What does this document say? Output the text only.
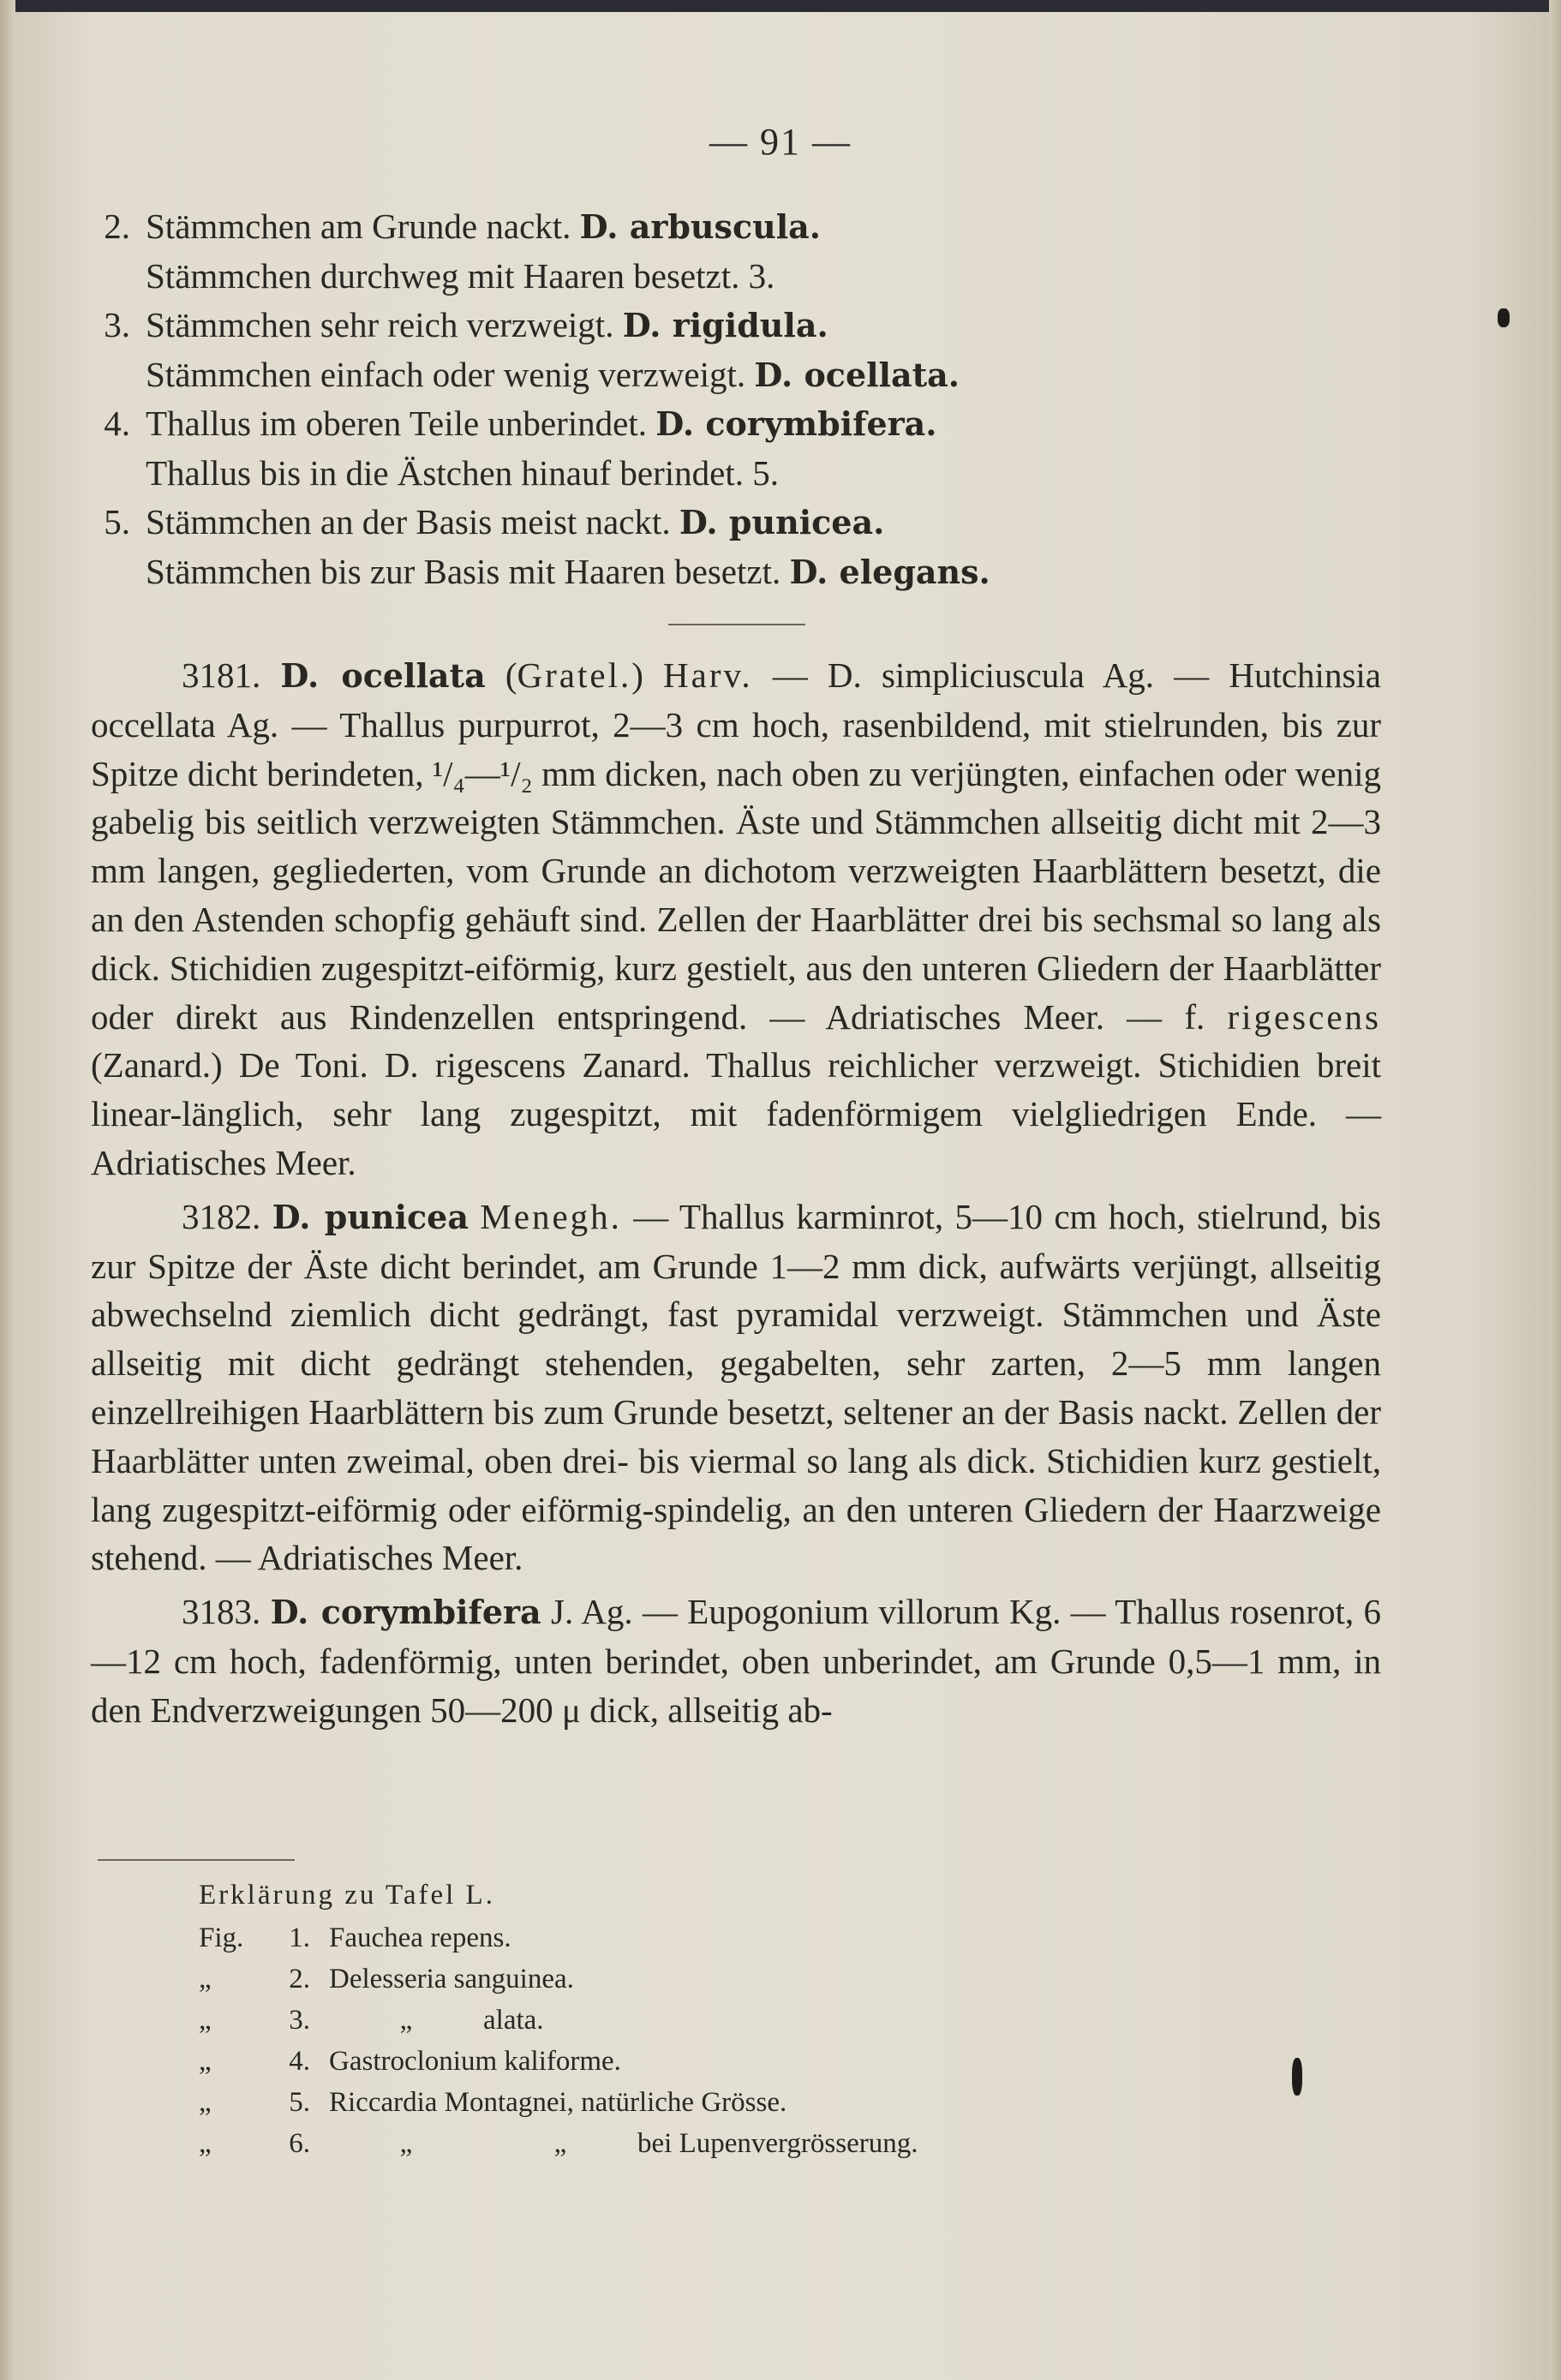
— 91 —
2. Stämmchen am Grunde nackt. D. arbuscula.
Stämmchen durchweg mit Haaren besetzt. 3.
3. Stämmchen sehr reich verzweigt. D. rigidula.
Stämmchen einfach oder wenig verzweigt. D. ocellata.
4. Thallus im oberen Teile unberindet. D. corymbifera.
Thallus bis in die Ästchen hinauf berindet. 5.
5. Stämmchen an der Basis meist nackt. D. punicea.
Stämmchen bis zur Basis mit Haaren besetzt. D. elegans.

3181. D. ocellata (Gratel.) Harv. — D. simpliciuscula Ag. — Hutchinsia occellata Ag. — Thallus purpurrot, 2—3 cm hoch, rasenbildend, mit stielrunden, bis zur Spitze dicht berindeten, ¹/₄—¹/₂ mm dicken, nach oben zu verjüngten, einfachen oder wenig gabelig bis seitlich verzweigten Stämmchen. Äste und Stämmchen allseitig dicht mit 2—3 mm langen, gegliederten, vom Grunde an dichotom verzweigten Haarblättern besetzt, die an den Astenden schopfig gehäuft sind. Zellen der Haarblätter drei bis sechsmal so lang als dick. Stichidien zugespitzt-eiförmig, kurz gestielt, aus den unteren Gliedern der Haarblätter oder direkt aus Rindenzellen entspringend. — Adriatisches Meer. — f. rigescens (Zanard.) De Toni. D. rigescens Zanard. Thallus reichlicher verzweigt. Stichidien breit linear-länglich, sehr lang zugespitzt, mit fadenförmigem vielgliedrigen Ende. — Adriatisches Meer.

3182. D. punicea Menegh. — Thallus karminrot, 5—10 cm hoch, stielrund, bis zur Spitze der Äste dicht berindet, am Grunde 1—2 mm dick, aufwärts verjüngt, allseitig abwechselnd ziemlich dicht gedrängt, fast pyramidal verzweigt. Stämmchen und Äste allseitig mit dicht gedrängt stehenden, gegabelten, sehr zarten, 2—5 mm langen einzellreihigen Haarblättern bis zum Grunde besetzt, seltener an der Basis nackt. Zellen der Haarblätter unten zweimal, oben drei- bis viermal so lang als dick. Stichidien kurz gestielt, lang zugespitzt-eiförmig oder eiförmig-spindelig, an den unteren Gliedern der Haarzweige stehend. — Adriatisches Meer.

3183. D. corymbifera J. Ag. — Eupogonium villorum Kg. — Thallus rosenrot, 6—12 cm hoch, fadenförmig, unten berindet, oben unberindet, am Grunde 0,5—1 mm, in den Endverzweigungen 50—200 μ dick, allseitig ab-

Erklärung zu Tafel L.
Fig. 1. Fauchea repens.
„	2. Delesseria sanguinea.
„	3.	„	alata.
„	4. Gastroclonium kaliforme.
„	5. Riccardia Montagnei, natürliche Grösse.
„	6.	„	„	bei Lupenvergrösserung.
